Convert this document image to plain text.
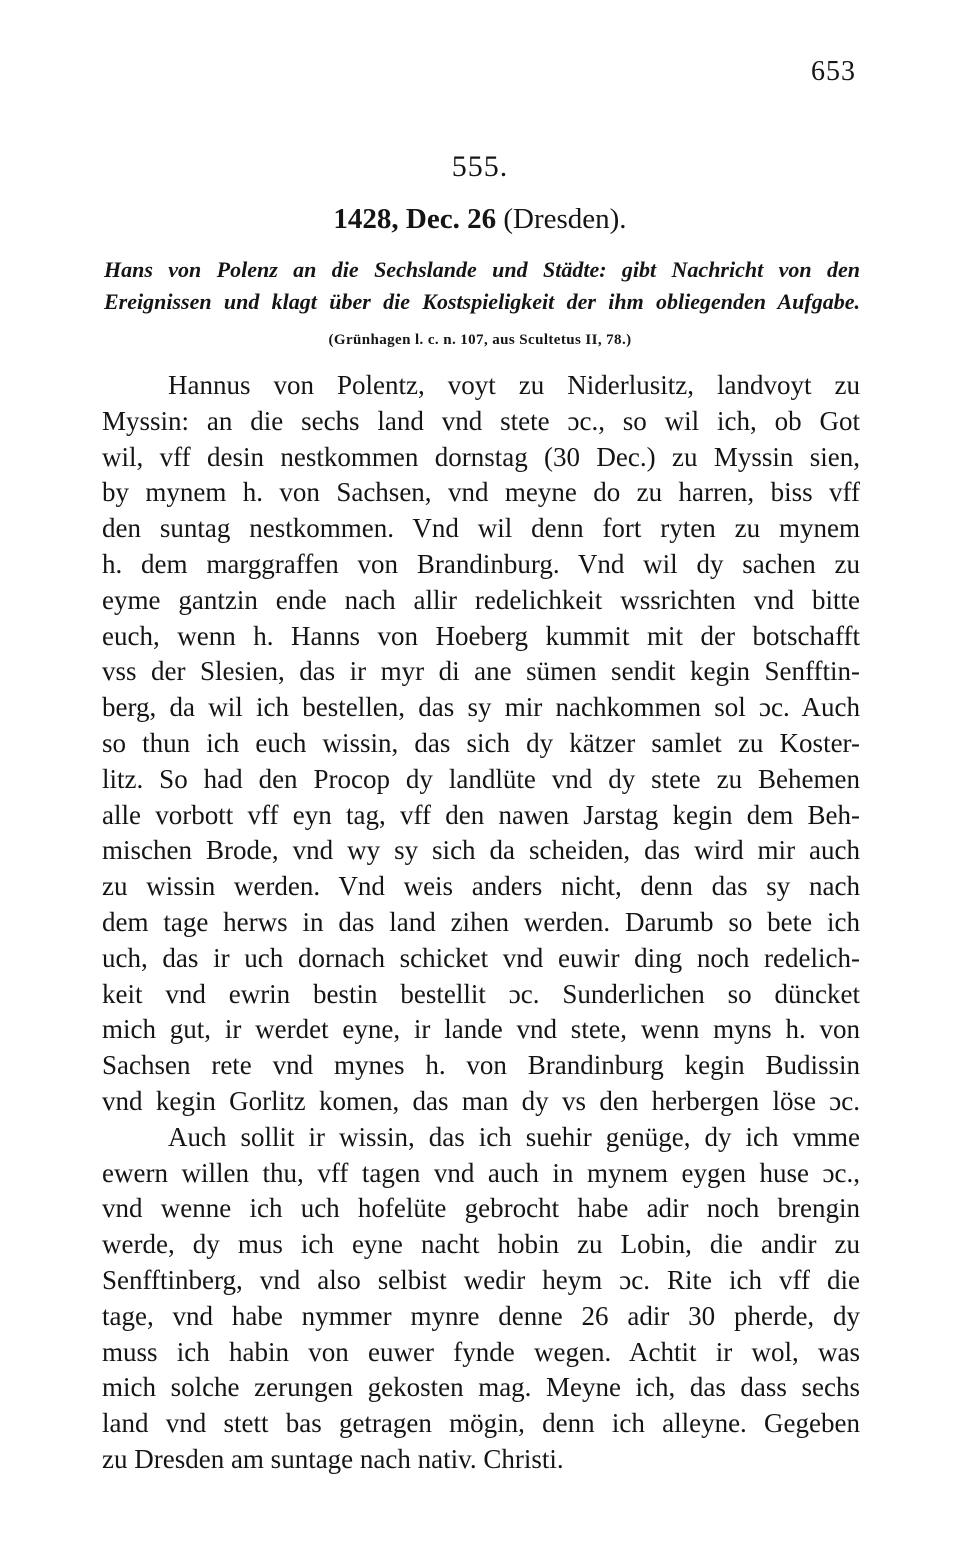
653
555.
1428, Dec. 26 (Dresden).
Hans von Polenz an die Sechslande und Städte: gibt Nachricht von den
Ereignissen und klagt über die Kostspieligkeit der ihm obliegenden Aufgabe.
(Grünhagen l. c. n. 107, aus Scultetus II, 78.)
Hannus von Polentz, voyt zu Niderlusitz, landvoyt zu
Myssin: an die sechs land vnd stete ɔc., so wil ich, ob Got
wil, vff desin nestkommen dornstag (30 Dec.) zu Myssin sien,
by mynem h. von Sachsen, vnd meyne do zu harren, biss vff
den suntag nestkommen. Vnd wil denn fort ryten zu mynem
h. dem marggraffen von Brandinburg. Vnd wil dy sachen zu
eyme gantzin ende nach allir redelichkeit wssrichten vnd bitte
euch, wenn h. Hanns von Hoeberg kummit mit der botschafft
vss der Slesien, das ir myr di ane sümen sendit kegin Senfftin-
berg, da wil ich bestellen, das sy mir nachkommen sol ɔc. Auch
so thun ich euch wissin, das sich dy kätzer samlet zu Koster-
litz. So had den Procop dy landlüte vnd dy stete zu Behemen
alle vorbott vff eyn tag, vff den nawen Jarstag kegin dem Beh-
mischen Brode, vnd wy sy sich da scheiden, das wird mir auch
zu wissin werden. Vnd weis anders nicht, denn das sy nach
dem tage herws in das land zihen werden. Darumb so bete ich
uch, das ir uch dornach schicket vnd euwir ding noch redelich-
keit vnd ewrin bestin bestellit ɔc. Sunderlichen so düncket
mich gut, ir werdet eyne, ir lande vnd stete, wenn myns h. von
Sachsen rete vnd mynes h. von Brandinburg kegin Budissin
vnd kegin Gorlitz komen, das man dy vs den herbergen löse ɔc.
Auch sollit ir wissin, das ich suehir genüge, dy ich vmme
ewern willen thu, vff tagen vnd auch in mynem eygen huse ɔc.,
vnd wenne ich uch hofelüte gebrocht habe adir noch brengin
werde, dy mus ich eyne nacht hobin zu Lobin, die andir zu
Senfftinberg, vnd also selbist wedir heym ɔc. Rite ich vff die
tage, vnd habe nymmer mynre denne 26 adir 30 pherde, dy
muss ich habin von euwer fynde wegen. Achtit ir wol, was
mich solche zerungen gekosten mag. Meyne ich, das dass sechs
land vnd stett bas getragen mögin, denn ich alleyne. Gegeben
zu Dresden am suntage nach nativ. Christi.
